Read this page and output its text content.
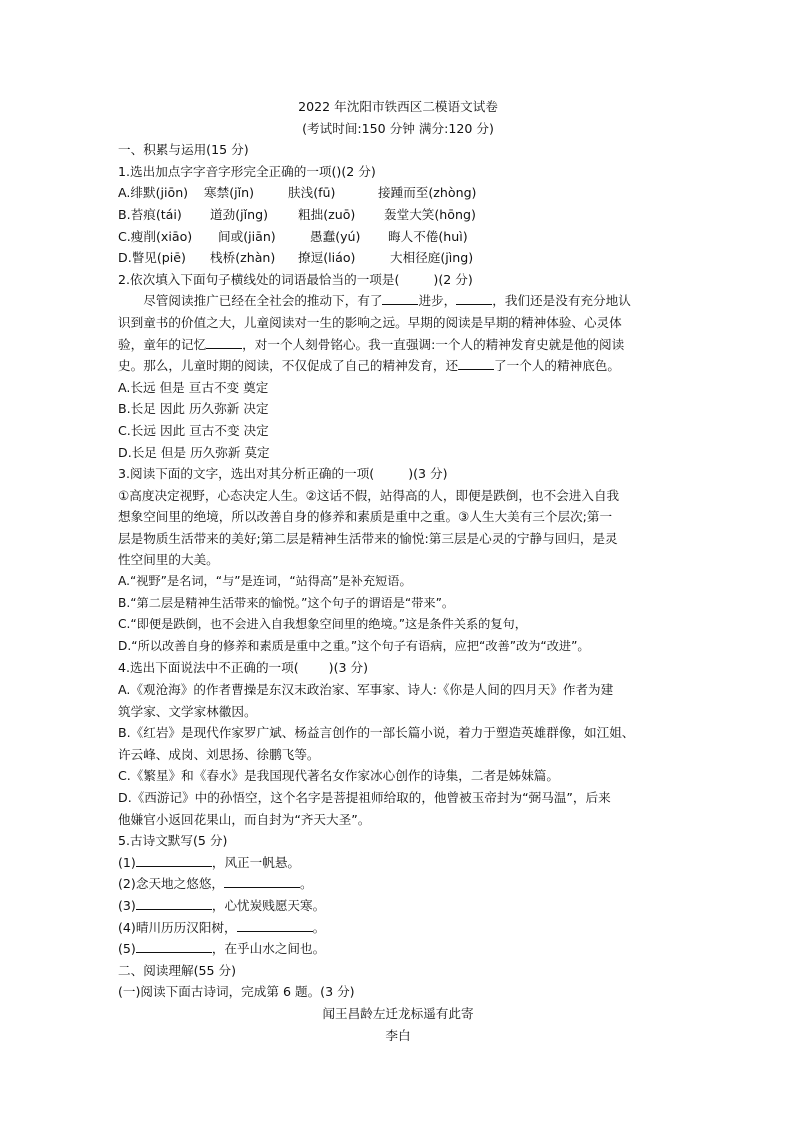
2022 年沈阳市铁西区二模语文试卷
(考试时间:150 分钟 满分:120 分)
一、积累与运用(15 分)
1.选出加点字字音字形完全正确的一项()(2 分)
A.绯默(jiōn) 寒禁(jǐn)	肤浅(fū)	接踵而至(zhòng)
B.苔痕(tái) 道劲(jǐng) 粗拙(zuō) 轰堂大笑(hōng)
C.瘦削(xiāo) 间或(jiān)	愚蠢(yú) 晦人不倦(huì)
D.瞥见(piē) 栈桥(zhàn) 撩逗(liáo)	大相径庭(jìng)
2.依次填入下面句子横线处的词语最恰当的一项是(	)(2 分)
尽管阅读推广已经在全社会的推动下，有了	进步，	，我们还是没有充分地认
识到童书的价值之大，儿童阅读对一生的影响之远。早期的阅读是早期的精神体验、心灵体
验，童年的记忆	，对一个人刻骨铭心。我一直强调:一个人的精神发育史就是他的阅读
史。那么，儿童时期的阅读，不仅促成了自己的精神发育，还	了一个人的精神底色。
A.长远 但是 亘古不变 奠定
B.长足 因此 历久弥新 决定
C.长远 因此 亘古不变 决定
D.长足 但是 历久弥新 莫定
3.阅读下面的文字，选出对其分析正确的一项(	)(3 分)
①高度决定视野，心态决定人生。②这话不假，站得高的人，即便是跌倒，也不会进入自我
想象空间里的绝境，所以改善自身的修养和素质是重中之重。③人生大美有三个层次;第一
层是物质生活带来的美好;第二层是精神生活带来的愉悦:第三层是心灵的宁静与回归，是灵
性空间里的大美。
A.“视野”是名词，“与”是连词，“站得高”是补充短语。
B.“第二层是精神生活带来的愉悦。”这个句子的谓语是“带来”。
C.“即便是跌倒，也不会进入自我想象空间里的绝境。”这是条件关系的复句，
D.“所以改善自身的修养和素质是重中之重。”这个句子有语病，应把“改善”改为“改进”。
4.选出下面说法中不正确的一项( )(3 分)
A.《观沧海》的作者曹操是东汉末政治家、军事家、诗人:《你是人间的四月天》作者为建
筑学家、文学家林徽因。
B.《红岩》是现代作家罗广斌、杨益言创作的一部长篇小说，着力于塑造英雄群像，如江姐、
许云峰、成岗、刘思扬、徐鹏飞等。
C.《繁星》和《春水》是我国现代著名女作家冰心创作的诗集，二者是姊妹篇。
D.《西游记》中的孙悟空，这个名字是菩提祖师给取的，他曾被玉帝封为“弼马温”，后来
他嫌官小返回花果山，而自封为“齐天大圣”。
5.古诗文默写(5 分)
(1)	，风正一帆悬。
(2)念天地之悠悠，	。
(3)	，心忧炭贱愿天寒。
(4)晴川历历汉阳树，	。
(5)	，在乎山水之间也。
二、阅读理解(55 分)
(一)阅读下面古诗词，完成第 6 题。(3 分)
闻王昌龄左迁龙标遥有此寄
李白
